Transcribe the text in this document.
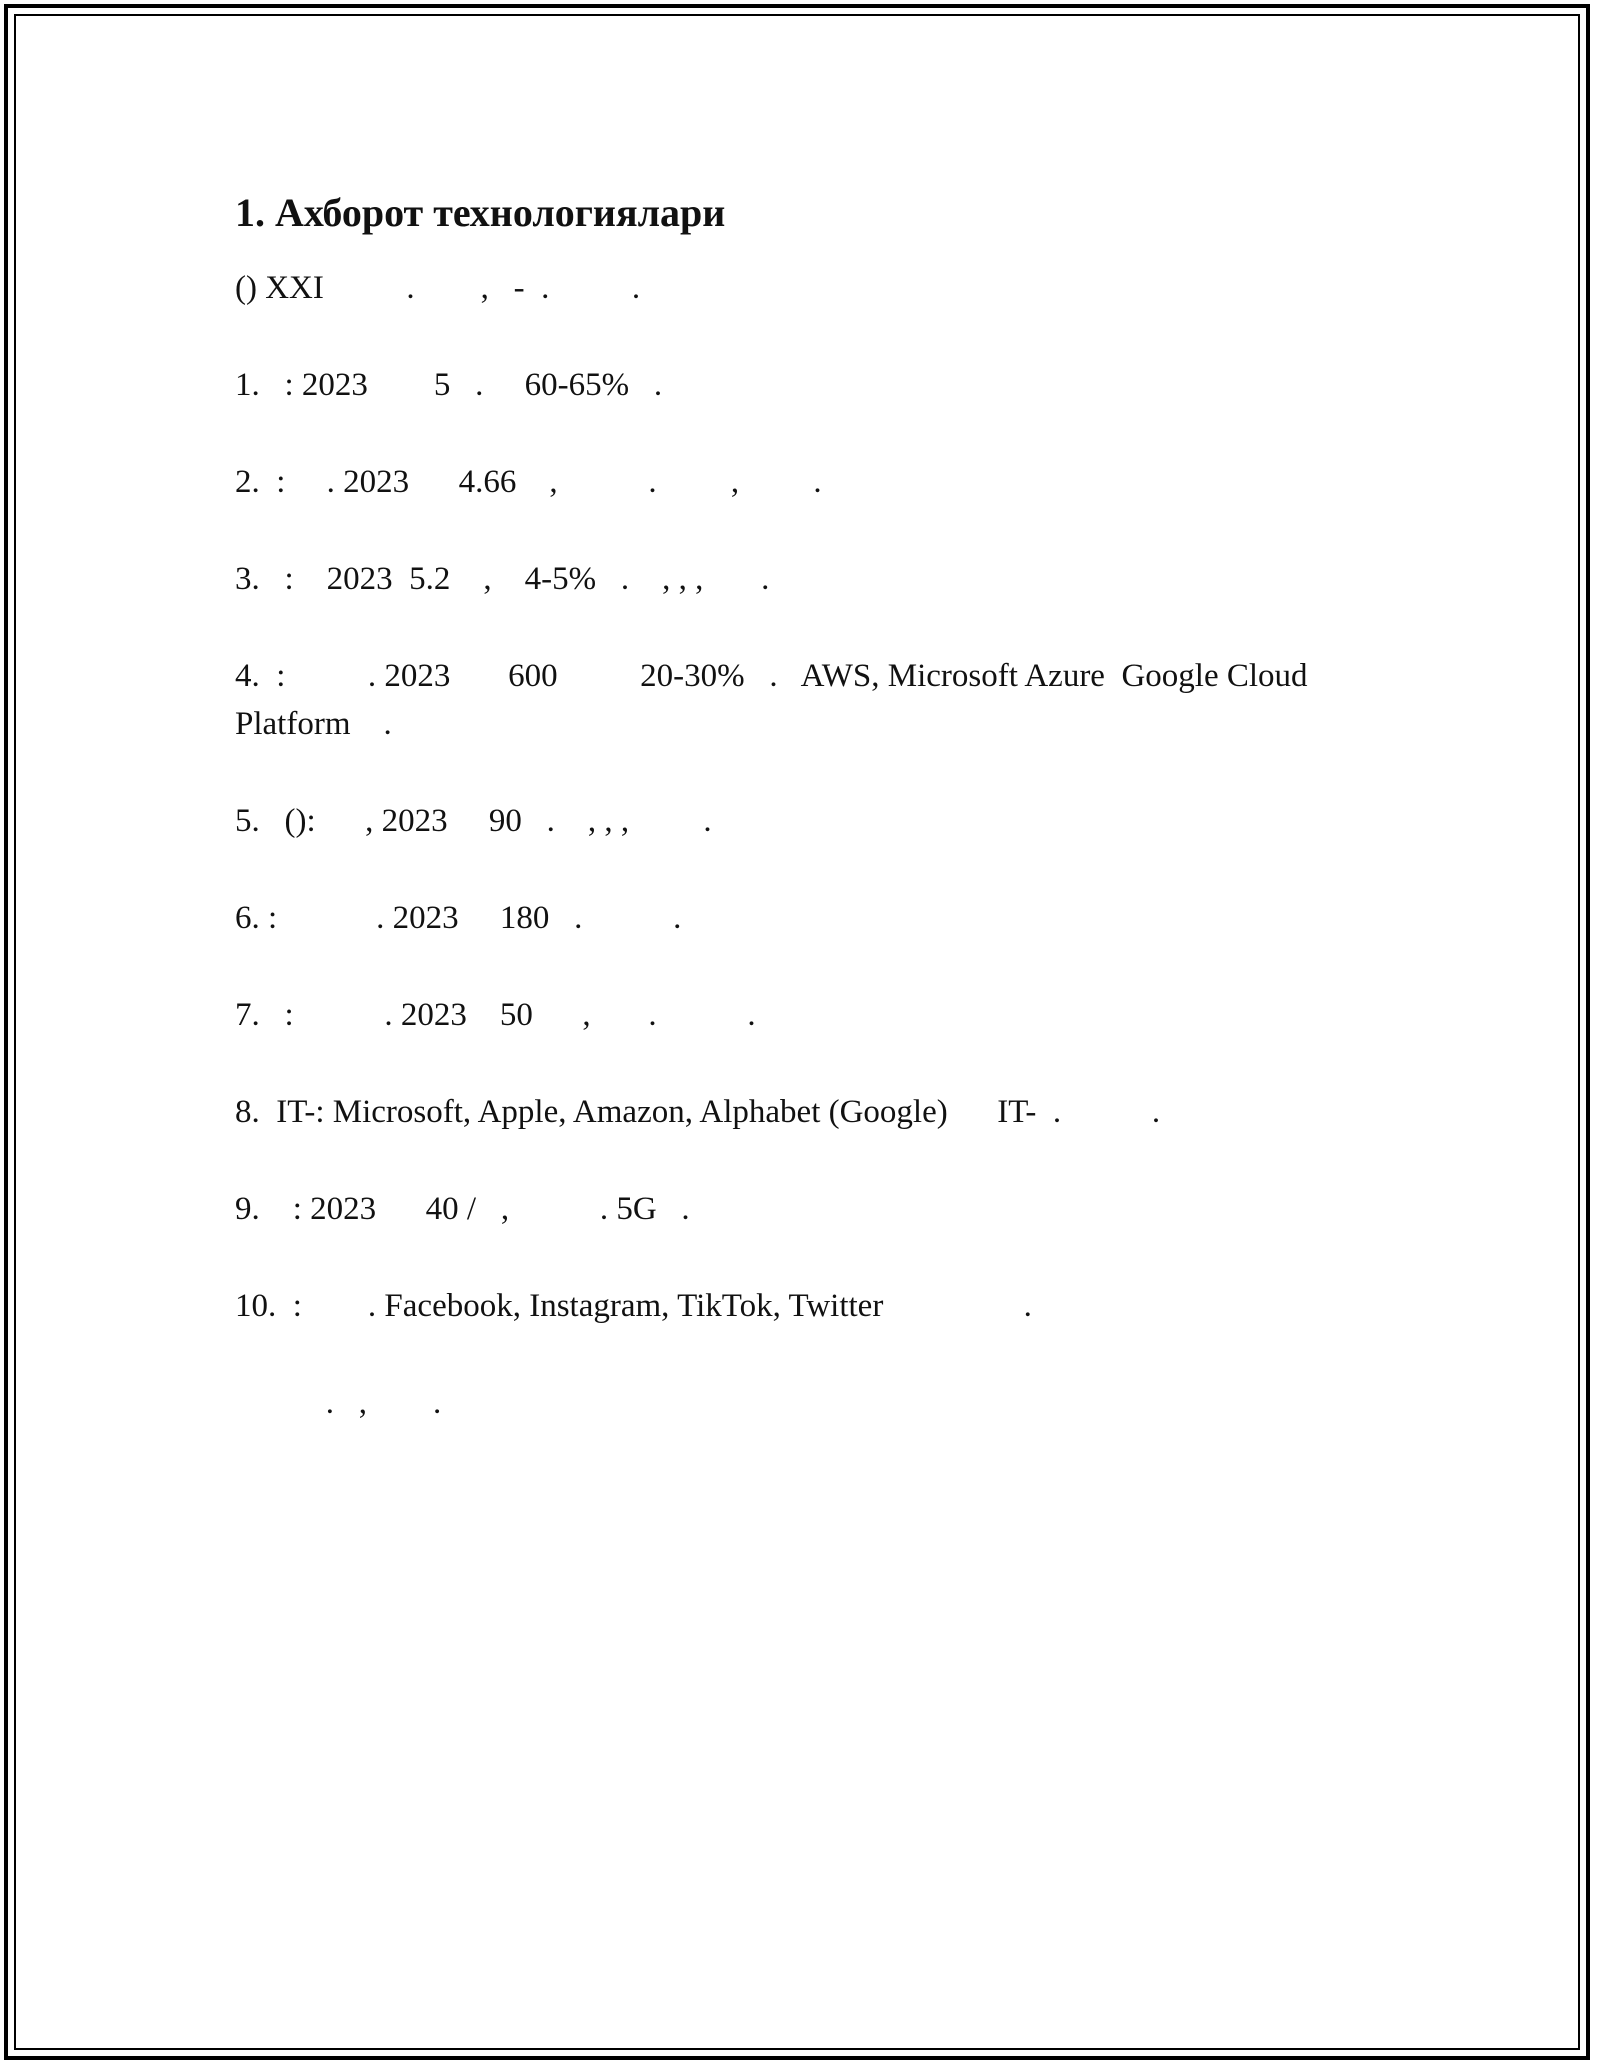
1. Ахборот технологиялари
() XXI          .        ,   -  .          .
1.   : 2023        5   .     60-65%   .
2.  :     . 2023      4.66    ,           .         ,         .
3.   :    2023  5.2    ,    4-5%   .    , , ,       .
4.  :          . 2023       600          20-30%   .   AWS, Microsoft Azure  Google Cloud Platform    .
5.   ():      , 2023     90   .    , , ,         .
6. :            . 2023     180   .           .
7.   :           . 2023    50      ,       .           .
8.  IT-: Microsoft, Apple, Amazon, Alphabet (Google)      IT-  .           .
9.    : 2023      40 /   ,           . 5G   .
10.  :        . Facebook, Instagram, TikTok, Twitter                 .
.   ,        .
